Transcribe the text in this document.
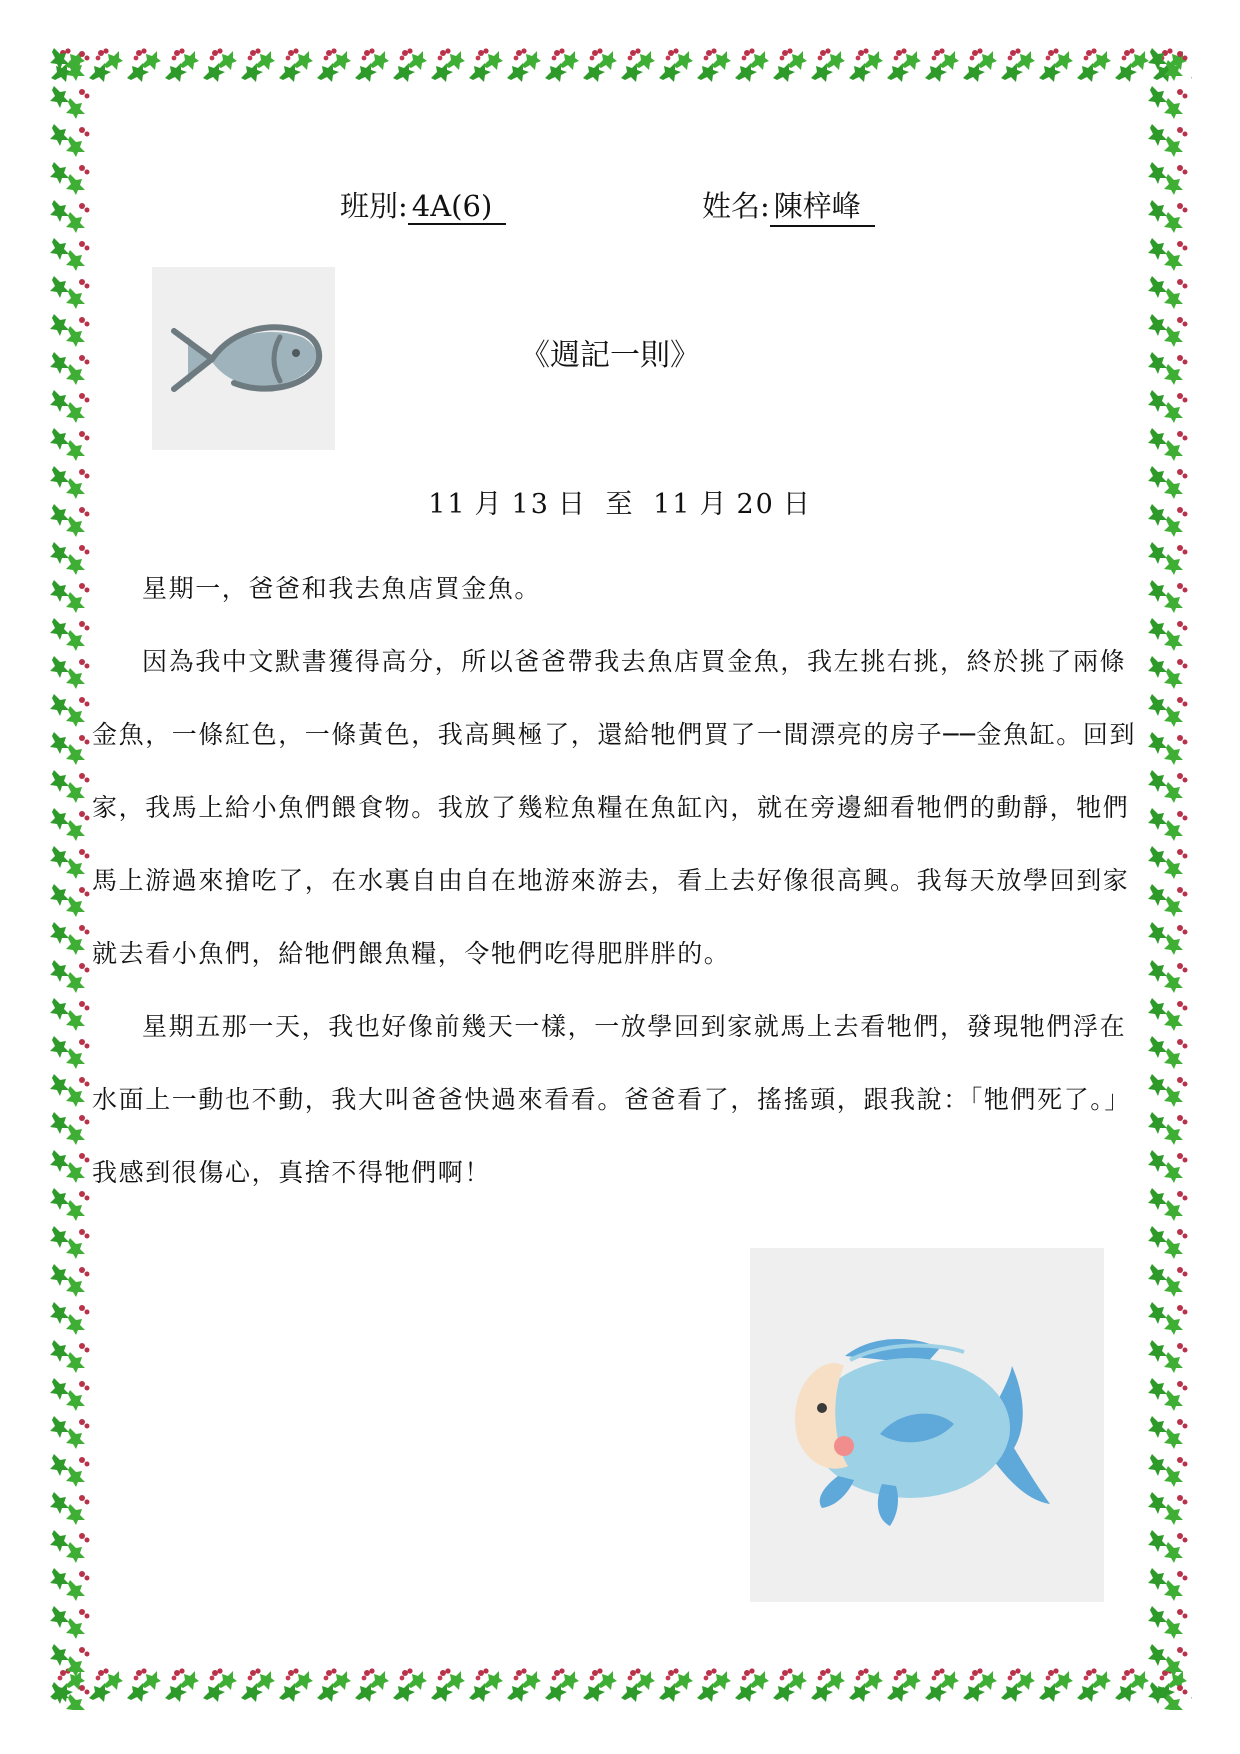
班別: 4A(6)	姓名: 陳梓峰
《週記一則》
11 月 13 日 至 11 月 20 日

星期一，爸爸和我去魚店買金魚。

因為我中文默書獲得高分，所以爸爸帶我去魚店買金魚，我左挑右挑，終於挑了兩條金魚，一條紅色，一條黃色，我高興極了，還給牠們買了一間漂亮的房子──金魚缸。回到家，我馬上給小魚們餵食物。我放了幾粒魚糧在魚缸內，就在旁邊細看牠們的動靜，牠們馬上游過來搶吃了，在水裏自由自在地游來游去，看上去好像很高興。我每天放學回到家就去看小魚們，給牠們餵魚糧，令牠們吃得肥胖胖的。

星期五那一天，我也好像前幾天一樣，一放學回到家就馬上去看牠們，發現牠們浮在水面上一動也不動，我大叫爸爸快過來看看。爸爸看了，搖搖頭，跟我說：「牠們死了。」我感到很傷心，真捨不得牠們啊！
